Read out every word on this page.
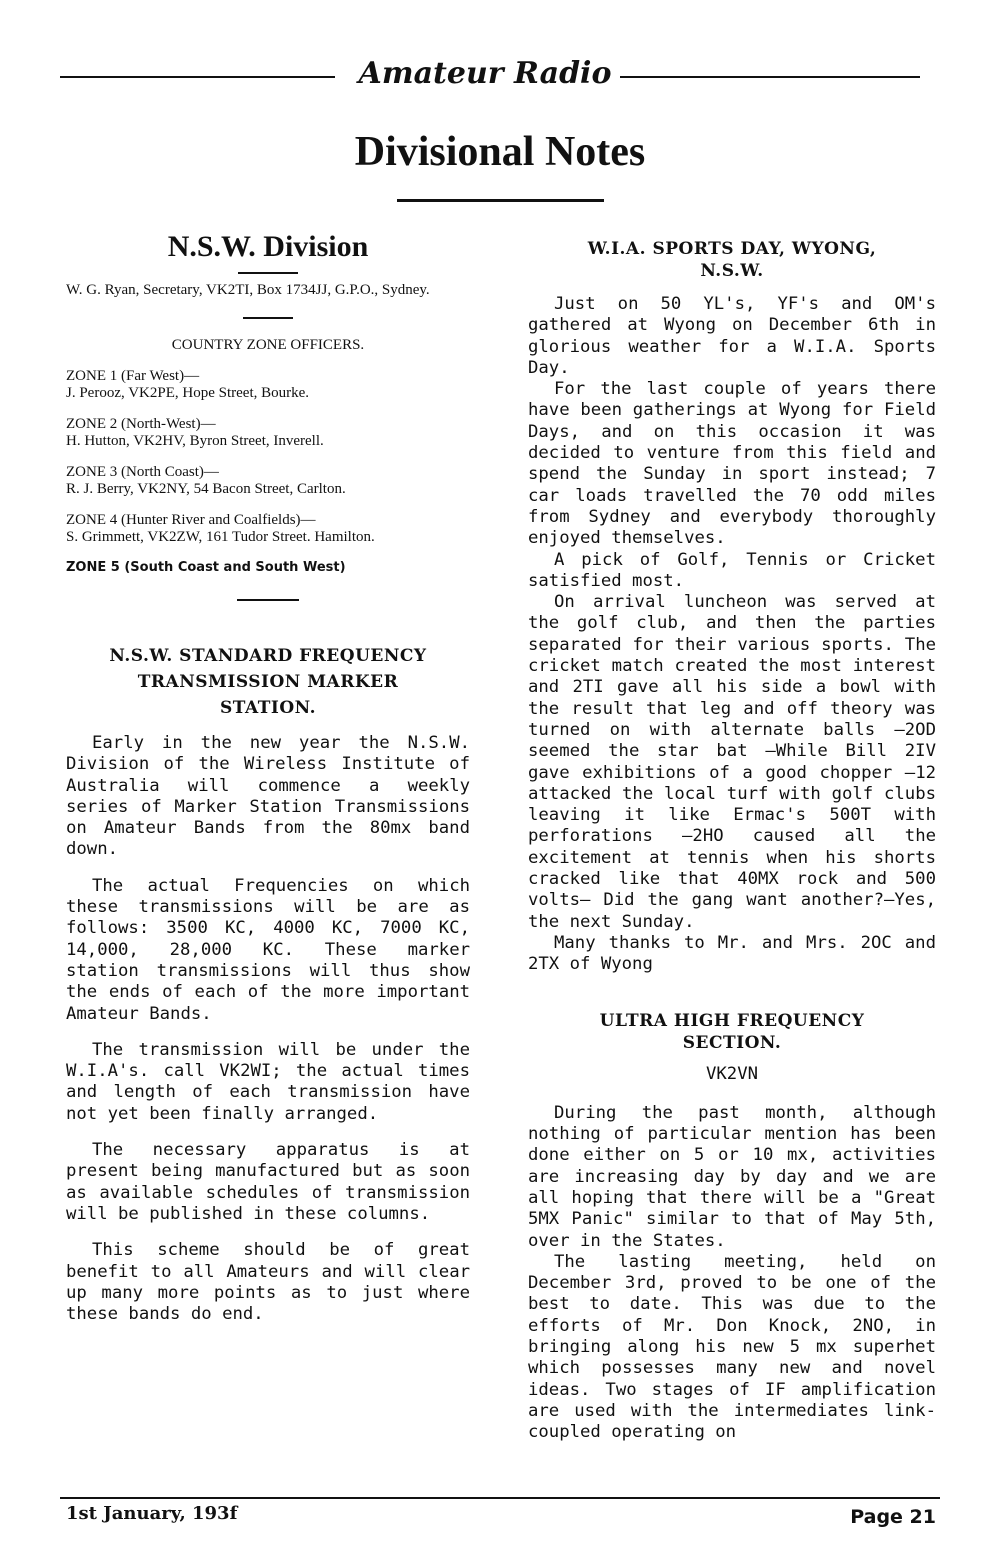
Amateur Radio
Divisional Notes
N.S.W. Division
W. G. Ryan, Secretary, VK2TI, Box 1734JJ, G.P.O., Sydney.
COUNTRY ZONE OFFICERS.
ZONE 1 (Far West)—
J. Perooz, VK2PE, Hope Street, Bourke.
ZONE 2 (North-West)—
H. Hutton, VK2HV, Byron Street, Inverell.
ZONE 3 (North Coast)—
R. J. Berry, VK2NY, 54 Bacon Street, Carlton.
ZONE 4 (Hunter River and Coalfields)—
S. Grimmett, VK2ZW, 161 Tudor Street. Hamilton.
ZONE 5 (South Coast and South West)
N.S.W. STANDARD FREQUENCY
TRANSMISSION MARKER
STATION.

Early in the new year the N.S.W. Division of the Wireless Institute of Australia will commence a weekly series of Marker Station Transmissions on Amateur Bands from the 80mx band down.

The actual Frequencies on which these transmissions will be are as follows: 3500 KC, 4000 KC, 7000 KC, 14,000, 28,000 KC. These marker station transmissions will thus show the ends of each of the more important Amateur Bands.

The transmission will be under the W.I.A's. call VK2WI; the actual times and length of each transmission have not yet been finally arranged.

The necessary apparatus is at present being manufactured but as soon as available schedules of transmission will be published in these columns.

This scheme should be of great benefit to all Amateurs and will clear up many more points as to just where these bands do end.

W.I.A. SPORTS DAY, WYONG,
N.S.W.

Just on 50 YL's, YF's and OM's gathered at Wyong on December 6th in glorious weather for a W.I.A. Sports Day.

For the last couple of years there have been gatherings at Wyong for Field Days, and on this occasion it was decided to venture from this field and spend the Sunday in sport instead; 7 car loads travelled the 70 odd miles from Sydney and everybody thoroughly enjoyed themselves.

A pick of Golf, Tennis or Cricket satisfied most.

On arrival luncheon was served at the golf club, and then the parties separated for their various sports. The cricket match created the most interest and 2TI gave all his side a bowl with the result that leg and off theory was turned on with alternate balls —2OD seemed the star bat —While Bill 2IV gave exhibitions of a good chopper —12 attacked the local turf with golf clubs leaving it like Ermac's 500T with perforations —2HO caused all the excitement at tennis when his shorts cracked like that 40MX rock and 500 volts— Did the gang want another?—Yes, the next Sunday.

Many thanks to Mr. and Mrs. 2OC and 2TX of Wyong

ULTRA HIGH FREQUENCY
SECTION.
VK2VN

During the past month, although nothing of particular mention has been done either on 5 or 10 mx, activities are increasing day by day and we are all hoping that there will be a "Great 5MX Panic" similar to that of May 5th, over in the States.

The lasting meeting, held on December 3rd, proved to be one of the best to date. This was due to the efforts of Mr. Don Knock, 2NO, in bringing along his new 5 mx superhet which possesses many new and novel ideas. Two stages of IF amplification are used with the intermediates link-coupled operating on

1st January, 193f	Page 21
